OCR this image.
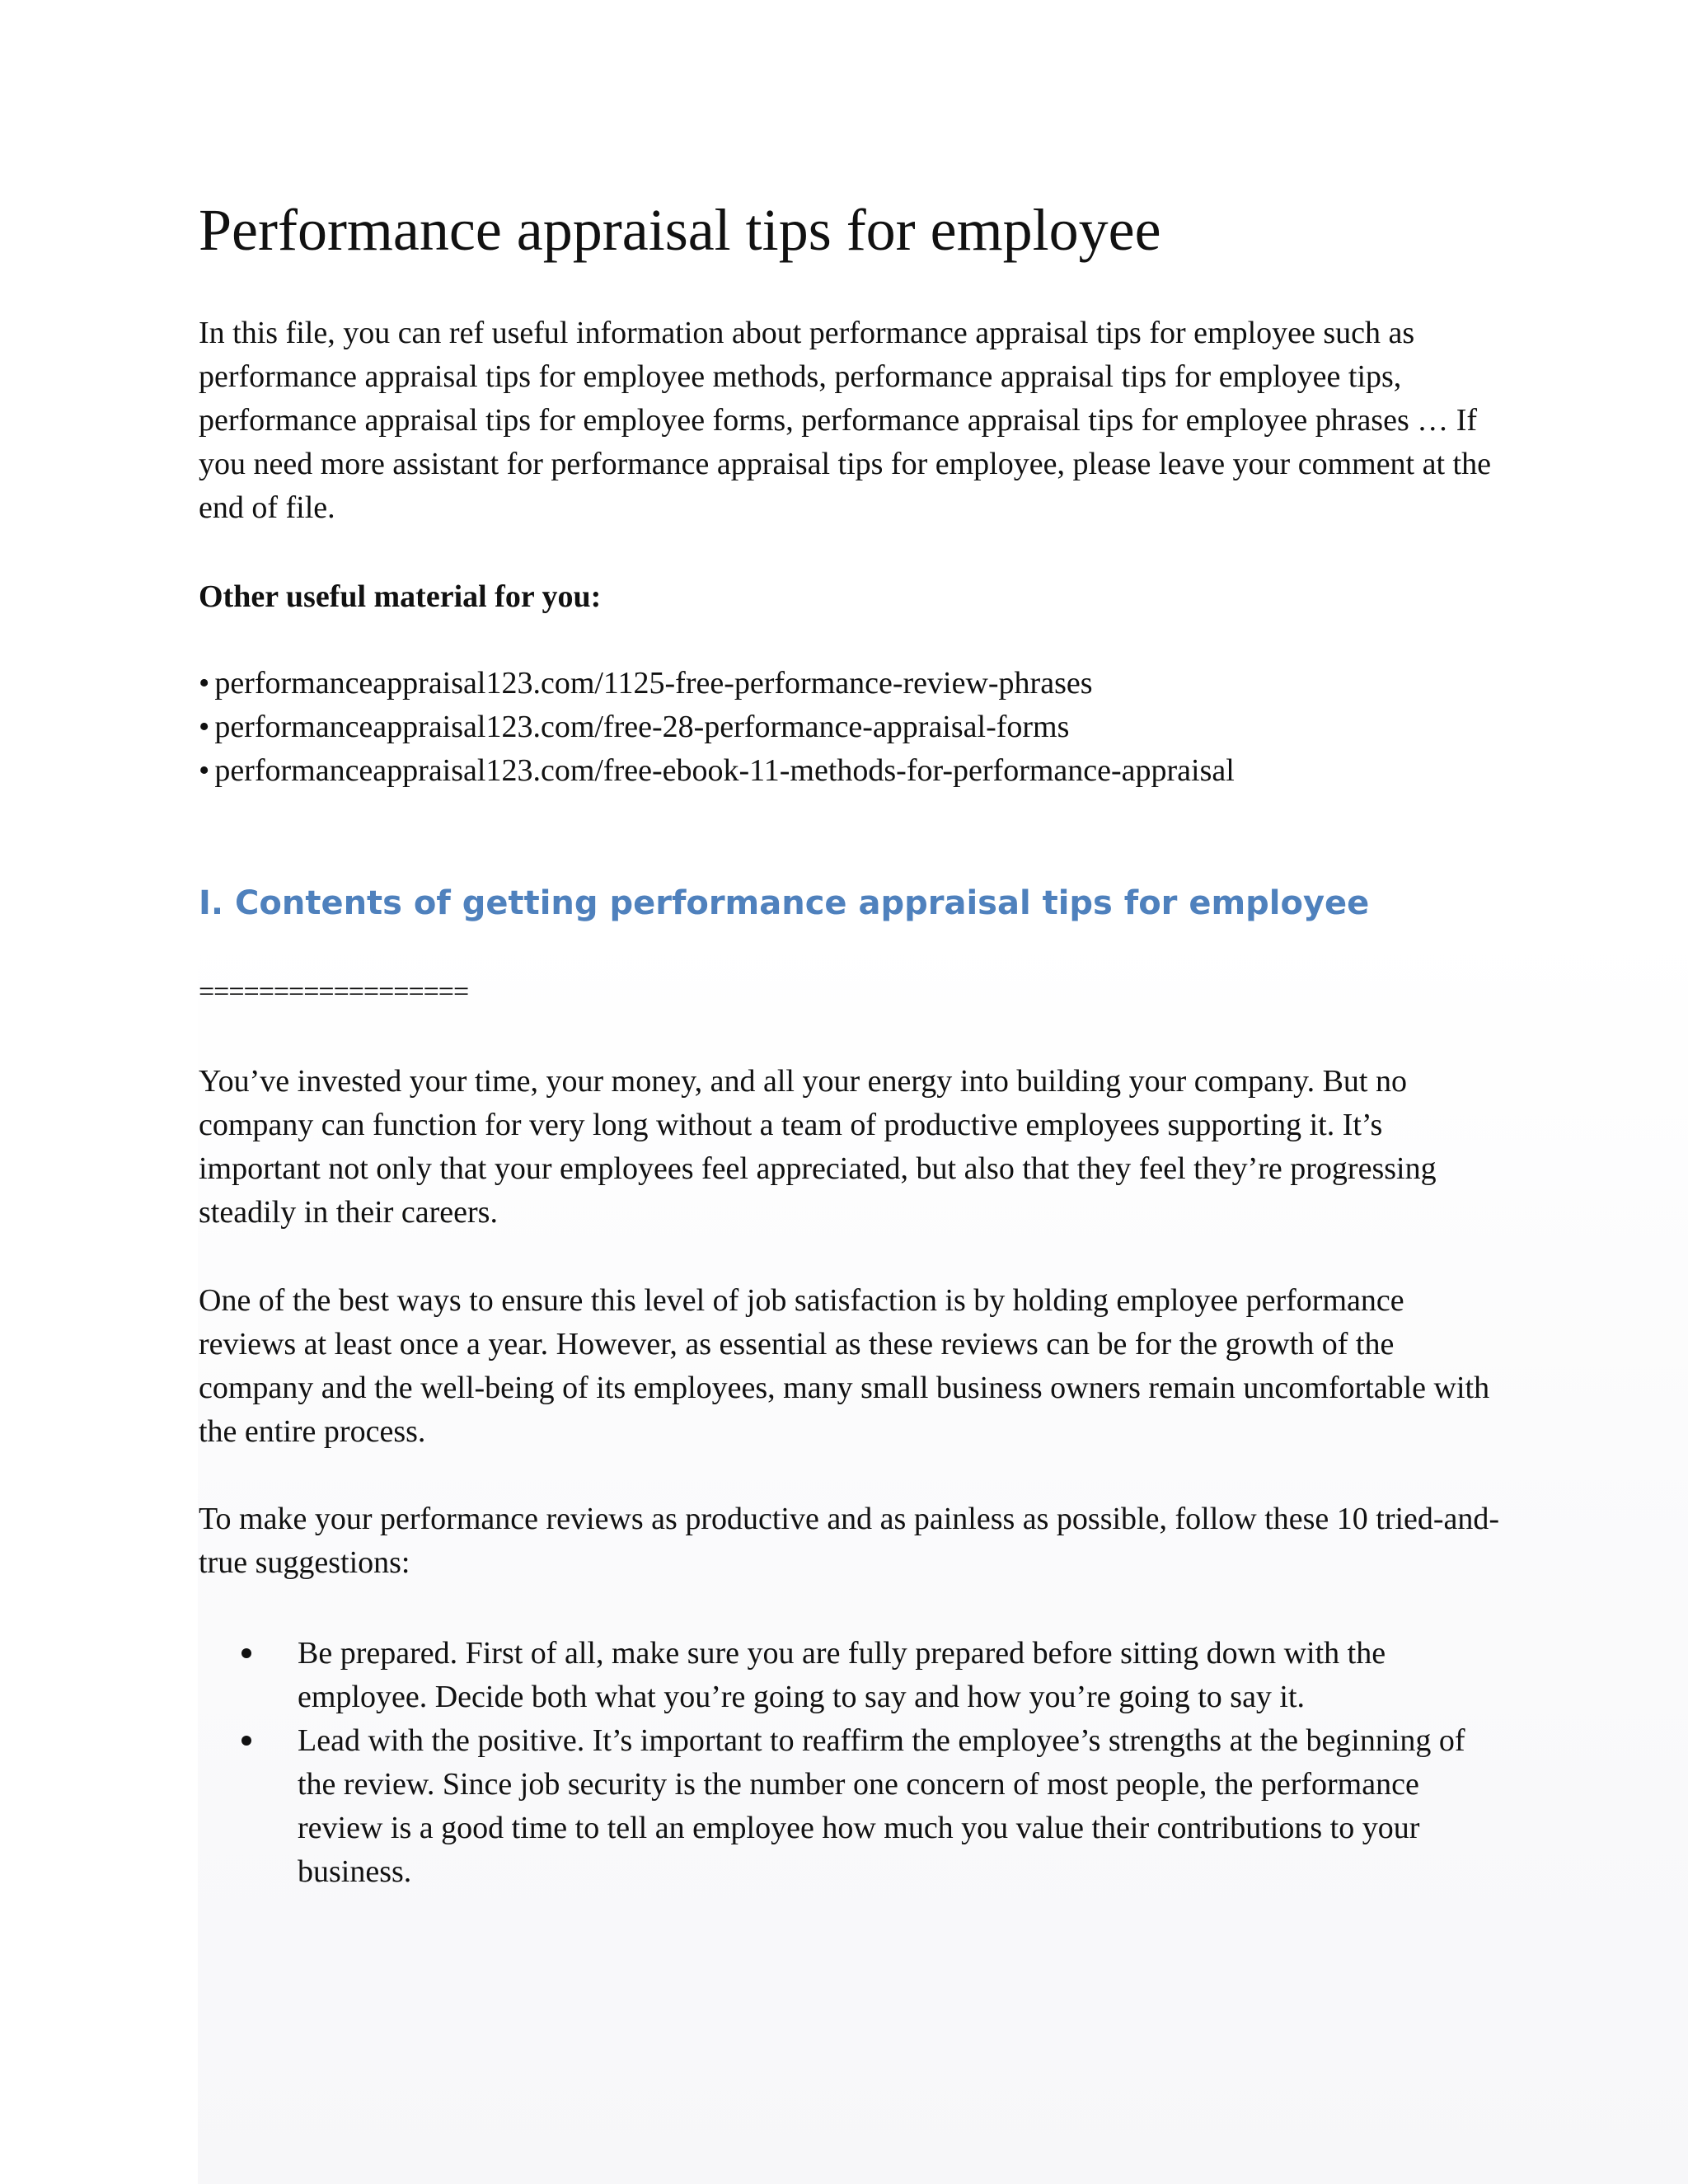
Performance appraisal tips for employee

In this file, you can ref useful information about performance appraisal tips for employee such as performance appraisal tips for employee methods, performance appraisal tips for employee tips, performance appraisal tips for employee forms, performance appraisal tips for employee phrases … If you need more assistant for performance appraisal tips for employee, please leave your comment at the end of file.

Other useful material for you:

• performanceappraisal123.com/1125-free-performance-review-phrases
• performanceappraisal123.com/free-28-performance-appraisal-forms
• performanceappraisal123.com/free-ebook-11-methods-for-performance-appraisal
I. Contents of getting performance appraisal tips for employee

==================

You’ve invested your time, your money, and all your energy into building your company. But no company can function for very long without a team of productive employees supporting it. It’s important not only that your employees feel appreciated, but also that they feel they’re progressing steadily in their careers.

One of the best ways to ensure this level of job satisfaction is by holding employee performance reviews at least once a year. However, as essential as these reviews can be for the growth of the company and the well-being of its employees, many small business owners remain uncomfortable with the entire process.

To make your performance reviews as productive and as painless as possible, follow these 10 tried-and-true suggestions:

Be prepared. First of all, make sure you are fully prepared before sitting down with the employee. Decide both what you’re going to say and how you’re going to say it.
Lead with the positive. It’s important to reaffirm the employee’s strengths at the beginning of the review. Since job security is the number one concern of most people, the performance review is a good time to tell an employee how much you value their contributions to your business.
